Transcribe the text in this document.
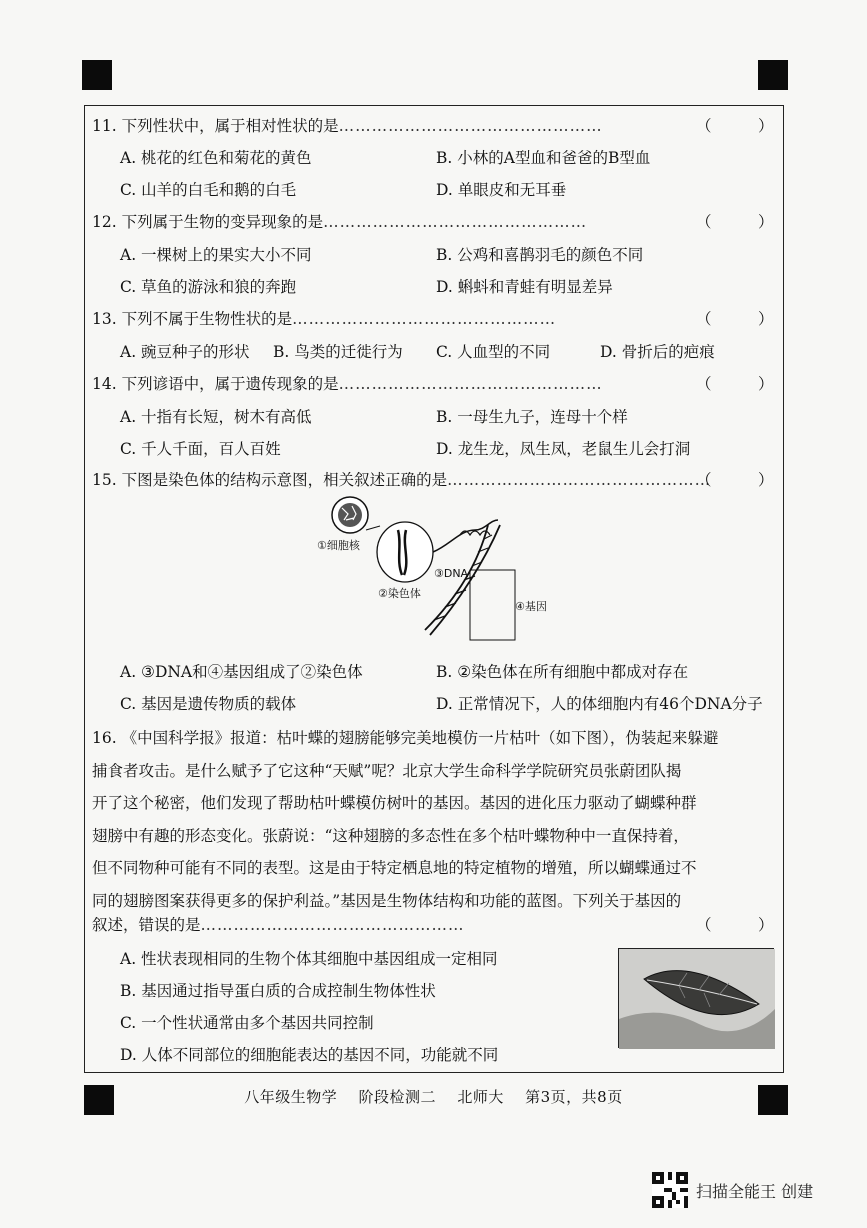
11. 下列性状中，属于相对性状的是…………………………………………	（　　　）
A. 桃花的红色和菊花的黄色	B. 小林的A型血和爸爸的B型血
C. 山羊的白毛和鹅的白毛	D. 单眼皮和无耳垂
12. 下列属于生物的变异现象的是…………………………………………	（　　　）
A. 一棵树上的果实大小不同	B. 公鸡和喜鹊羽毛的颜色不同
C. 草鱼的游泳和狼的奔跑	D. 蝌蚪和青蛙有明显差异
13. 下列不属于生物性状的是…………………………………………	（　　　）
A. 豌豆种子的形状 B. 鸟类的迁徙行为 C. 人血型的不同	D. 骨折后的疤痕
14. 下列谚语中，属于遗传现象的是…………………………………………	（　　　）
A. 十指有长短，树木有高低	B. 一母生九子，连母十个样
C. 千人千面，百人百姓	D. 龙生龙，凤生凤，老鼠生儿会打洞
15. 下图是染色体的结构示意图，相关叙述正确的是…………………………………………
（　　　）
①细胞核
②染色体
③DNA
④基因
A. ③DNA和④基因组成了②染色体	B. ②染色体在所有细胞中都成对存在
C. 基因是遗传物质的载体	D. 正常情况下，人的体细胞内有46个DNA分子
16. 《中国科学报》报道：枯叶蝶的翅膀能够完美地模仿一片枯叶（如下图），伪装起来躲避
捕食者攻击。是什么赋予了它这种“天赋”呢？北京大学生命科学学院研究员张蔚团队揭
开了这个秘密，他们发现了帮助枯叶蝶模仿树叶的基因。基因的进化压力驱动了蝴蝶种群
翅膀中有趣的形态变化。张蔚说：“这种翅膀的多态性在多个枯叶蝶物种中一直保持着，
但不同物种可能有不同的表型。这是由于特定栖息地的特定植物的增殖，所以蝴蝶通过不
同的翅膀图案获得更多的保护利益。”基因是生物体结构和功能的蓝图。下列关于基因的
叙述，错误的是…………………………………………	（　　　）
A. 性状表现相同的生物个体其细胞中基因组成一定相同
B. 基因通过指导蛋白质的合成控制生物体性状
C. 一个性状通常由多个基因共同控制
D. 人体不同部位的细胞能表达的基因不同，功能就不同
八年级生物学 阶段检测二 北师大 第3页，共8页
扫描全能王 创建
